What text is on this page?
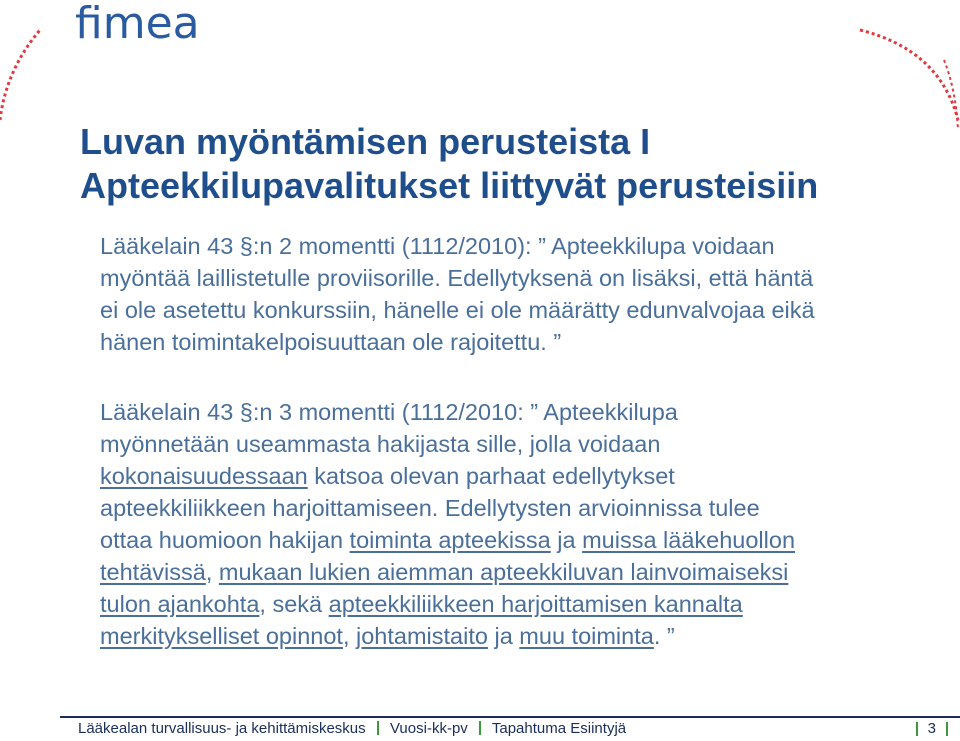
fimea
Luvan myöntämisen perusteista I
Apteekkilupavalitukset liittyvät perusteisiin

Lääkelain 43 §:n 2 momentti (1112/2010): ” Apteekkilupa voidaan
myöntää laillistetulle proviisorille. Edellytyksenä on lisäksi, että häntä
ei ole asetettu konkurssiin, hänelle ei ole määrätty edunvalvojaa eikä
hänen toimintakelpoisuuttaan ole rajoitettu. ”

Lääkelain 43 §:n 3 momentti (1112/2010: ” Apteekkilupa
myönnetään useammasta hakijasta sille, jolla voidaan
kokonaisuudessaan katsoa olevan parhaat edellytykset
apteekkiliikkeen harjoittamiseen. Edellytysten arvioinnissa tulee
ottaa huomioon hakijan toiminta apteekissa ja muissa lääkehuollon
tehtävissä, mukaan lukien aiemman apteekkiluvan lainvoimaiseksi
tulon ajankohta, sekä apteekkiliikkeen harjoittamisen kannalta
merkitykselliset opinnot, johtamistaito ja muu toiminta. ”

Lääkealan turvallisuus- ja kehittämiskeskus Vuosi-kk-pv Tapahtuma Esiintyjä	3
